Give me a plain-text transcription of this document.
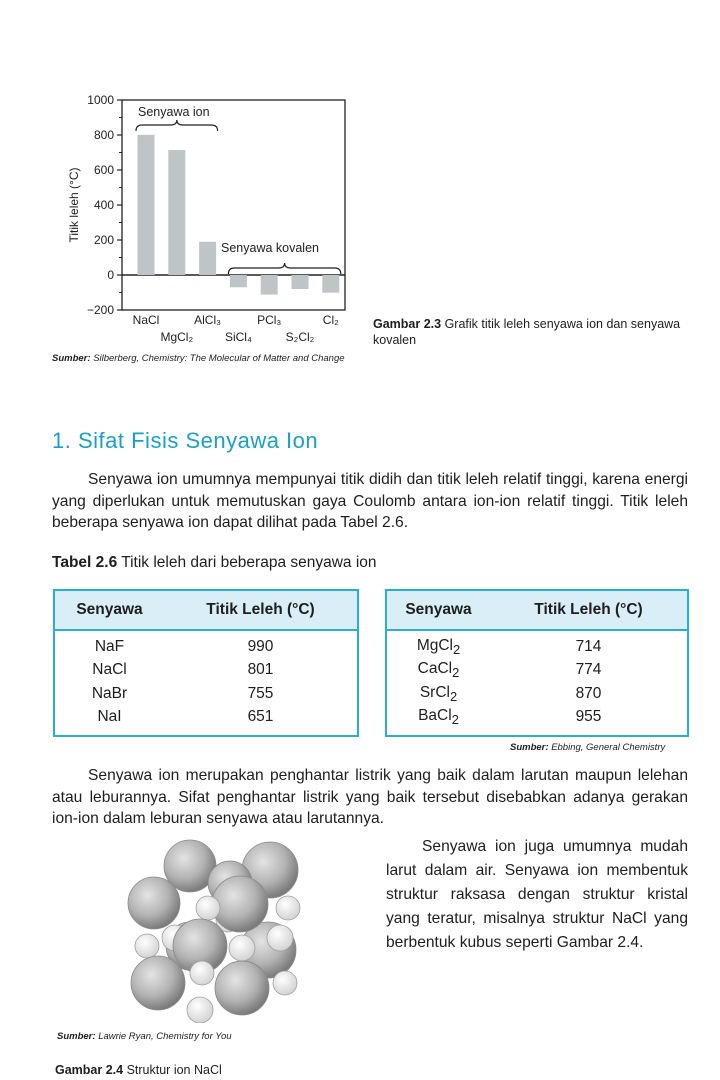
−200
0
200
400
600
800
1000
Titik leleh (°C)
NaCl
MgCl₂
AlCl₃
SiCl₄
PCl₃
S₂Cl₂
Cl₂
Senyawa ion
Senyawa kovalen
Gambar 2.3 Grafik titik leleh senyawa ion dan senyawa kovalen
Sumber: Silberberg, Chemistry: The Molecular of Matter and Change
1. Sifat Fisis Senyawa Ion
Senyawa ion umumnya mempunyai titik didih dan titik leleh relatif tinggi, karena energi yang diperlukan untuk memutuskan gaya Coulomb antara ion-ion relatif tinggi. Titik leleh beberapa senyawa ion dapat dilihat pada Tabel 2.6.
Tabel 2.6 Titik leleh dari beberapa senyawa ion
Senyawa	Titik Leleh (°C)
NaF	990
NaCl	801
NaBr	755
NaI	651
Senyawa	Titik Leleh (°C)
MgCl$_2$	714
CaCl$_2$	774
SrCl$_2$	870
BaCl$_2$	955
Sumber: Ebbing, General Chemistry
Senyawa ion merupakan penghantar listrik yang baik dalam larutan maupun lelehan atau leburannya. Sifat penghantar listrik yang baik tersebut disebabkan adanya gerakan ion-ion dalam leburan senyawa atau larutannya.
Senyawa ion juga umumnya mudah larut dalam air. Senyawa ion membentuk struktur raksasa dengan struktur kristal yang teratur, misalnya struktur NaCl yang berbentuk kubus seperti Gambar 2.4.
Sumber: Lawrie Ryan, Chemistry for You
Gambar 2.4 Struktur ion NaCl
